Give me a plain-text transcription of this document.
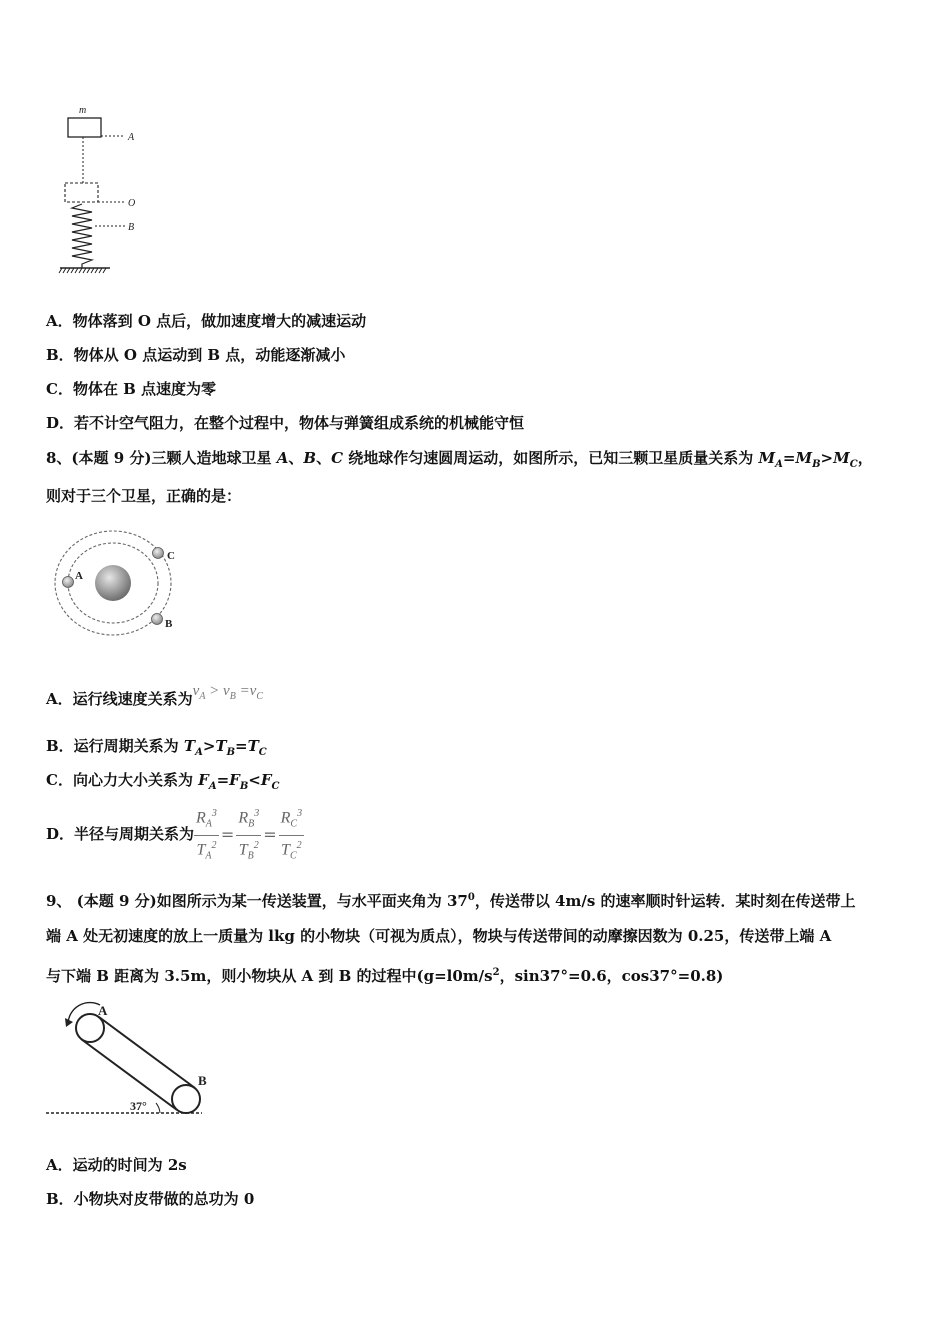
m
A
O
B
A．物体落到 O 点后，做加速度增大的减速运动
B．物体从 O 点运动到 B 点，动能逐渐减小
C．物体在 B 点速度为零
D．若不计空气阻力，在整个过程中，物体与弹簧组成系统的机械能守恒
8、(本题 9 分)三颗人造地球卫星 A、B、C 绕地球作匀速圆周运动，如图所示，已知三颗卫星质量关系为 $M_A=M_B>M_C$，
则对于三个卫星，正确的是：
A
C
B
A．运行线速度关系为$v_A > v_B =v_C$
B．运行周期关系为 $T_A>T_B=T_C$
C．向心力大小关系为 $F_A=F_B<F_C$
D．半径与周期关系为 $\frac{R_A^3}{T_A^2} = \frac{R_B^3}{T_B^2} = \frac{R_C^3}{T_C^2}$
9、 (本题 9 分)如图所示为某一传送装置，与水平面夹角为 $37^0$，传送带以 4m/s 的速率顺时针运转．某时刻在传送带上
端 A 处无初速度的放上一质量为 lkg 的小物块（可视为质点），物块与传送带间的动摩擦因数为 0.25，传送带上端 A
与下端 B 距离为 3.5m，则小物块从 A 到 B 的过程中($g=l0m/s^2$，sin37°=0.6，cos37°=0.8)
A
B
37°
A．运动的时间为 2s
B．小物块对皮带做的总功为 0
